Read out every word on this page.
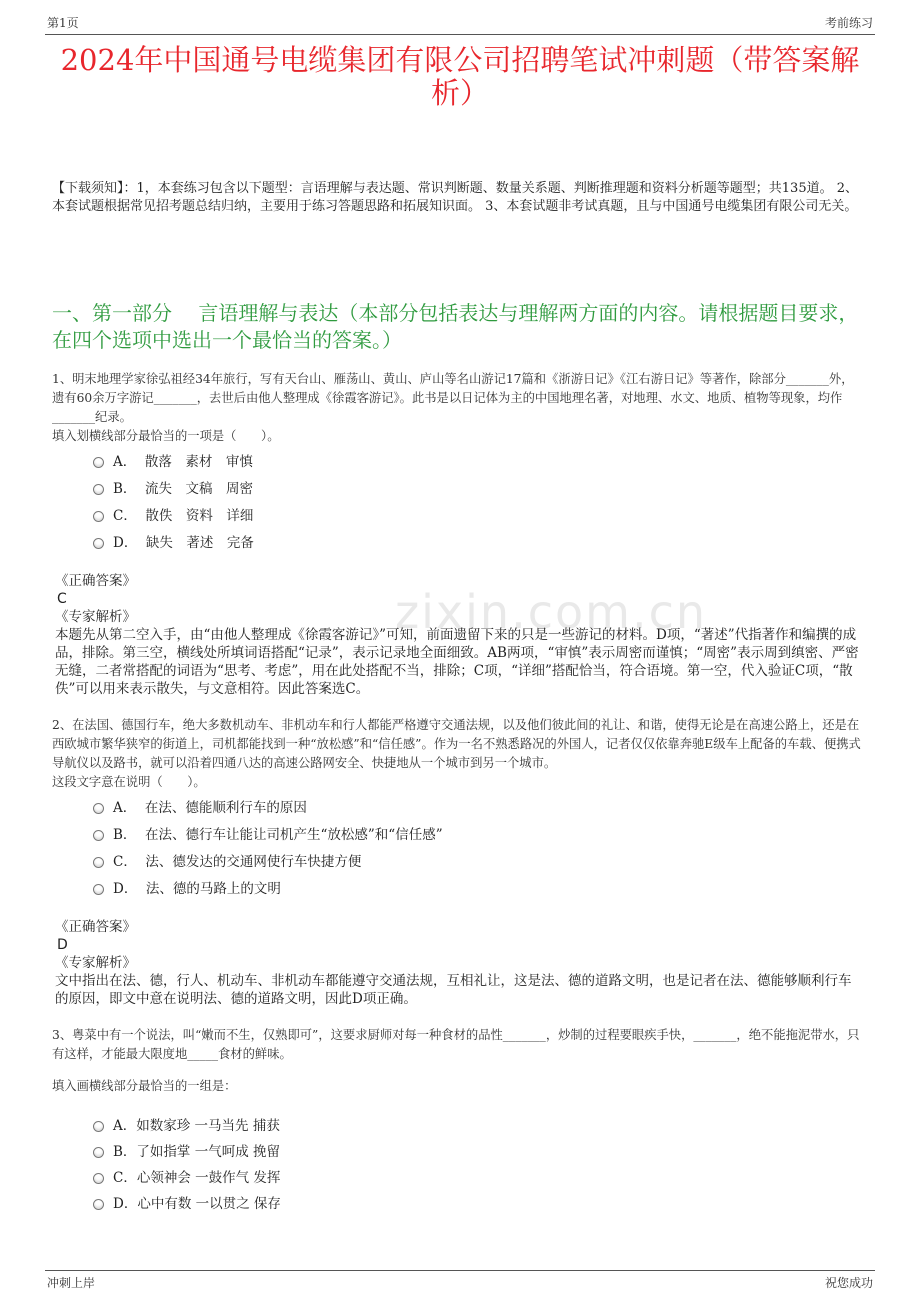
第1页	考前练习
2024年中国通号电缆集团有限公司招聘笔试冲刺题（带答案解析）
【下载须知】：1，本套练习包含以下题型：言语理解与表达题、常识判断题、数量关系题、判断推理题和资料分析题等题型；共135道。 2、本套试题根据常见招考题总结归纳，主要用于练习答题思路和拓展知识面。 3、本套试题非考试真题，且与中国通号电缆集团有限公司无关。
一、第一部分　 言语理解与表达（本部分包括表达与理解两方面的内容。请根据题目要求，在四个选项中选出一个最恰当的答案。）
zixin.com.cn

1、明末地理学家徐弘祖经34年旅行，写有天台山、雁荡山、黄山、庐山等名山游记17篇和《浙游日记》《江右游日记》等著作，除部分_______外，遗有60余万字游记_______，去世后由他人整理成《徐霞客游记》。此书是以日记体为主的中国地理名著，对地理、水文、地质、植物等现象，均作_______纪录。

填入划横线部分最恰当的一项是（　　）。

A．  散落　素材　审慎
B．  流失　文稿　周密
C．  散佚　资料　详细
D．  缺失　著述　完备
《正确答案》
C
《专家解析》
本题先从第二空入手，由“由他人整理成《徐霞客游记》”可知，前面遗留下来的只是一些游记的材料。D项，“著述”代指著作和编撰的成品，排除。第三空，横线处所填词语搭配“记录”，表示记录地全面细致。AB两项，“审慎”表示周密而谨慎；“周密”表示周到缜密、严密无缝，二者常搭配的词语为“思考、考虑”，用在此处搭配不当，排除；C项，“详细”搭配恰当，符合语境。第一空，代入验证C项，“散佚”可以用来表示散失，与文意相符。因此答案选C。

2、在法国、德国行车，绝大多数机动车、非机动车和行人都能严格遵守交通法规，以及他们彼此间的礼让、和谐，使得无论是在高速公路上，还是在西欧城市繁华狭窄的街道上，司机都能找到一种“放松感”和“信任感”。作为一名不熟悉路况的外国人，记者仅仅依靠奔驰E级车上配备的车载、便携式导航仪以及路书，就可以沿着四通八达的高速公路网安全、快捷地从一个城市到另一个城市。

这段文字意在说明（　　）。

A．  在法、德能顺利行车的原因
B．  在法、德行车让能让司机产生“放松感”和“信任感”
C．  法、德发达的交通网使行车快捷方便
D．  法、德的马路上的文明
《正确答案》
D
《专家解析》
文中指出在法、德，行人、机动车、非机动车都能遵守交通法规，互相礼让，这是法、德的道路文明，也是记者在法、德能够顺利行车的原因，即文中意在说明法、德的道路文明，因此D项正确。

3、粤菜中有一个说法，叫“嫩而不生，仅熟即可”，这要求厨师对每一种食材的品性_______，炒制的过程要眼疾手快，_______，绝不能拖泥带水，只有这样，才能最大限度地_____食材的鲜味。

填入画横线部分最恰当的一组是：

A．如数家珍 一马当先 捕获
B．了如指掌 一气呵成 挽留
C．心领神会 一鼓作气 发挥
D．心中有数 一以贯之 保存
冲刺上岸	祝您成功
